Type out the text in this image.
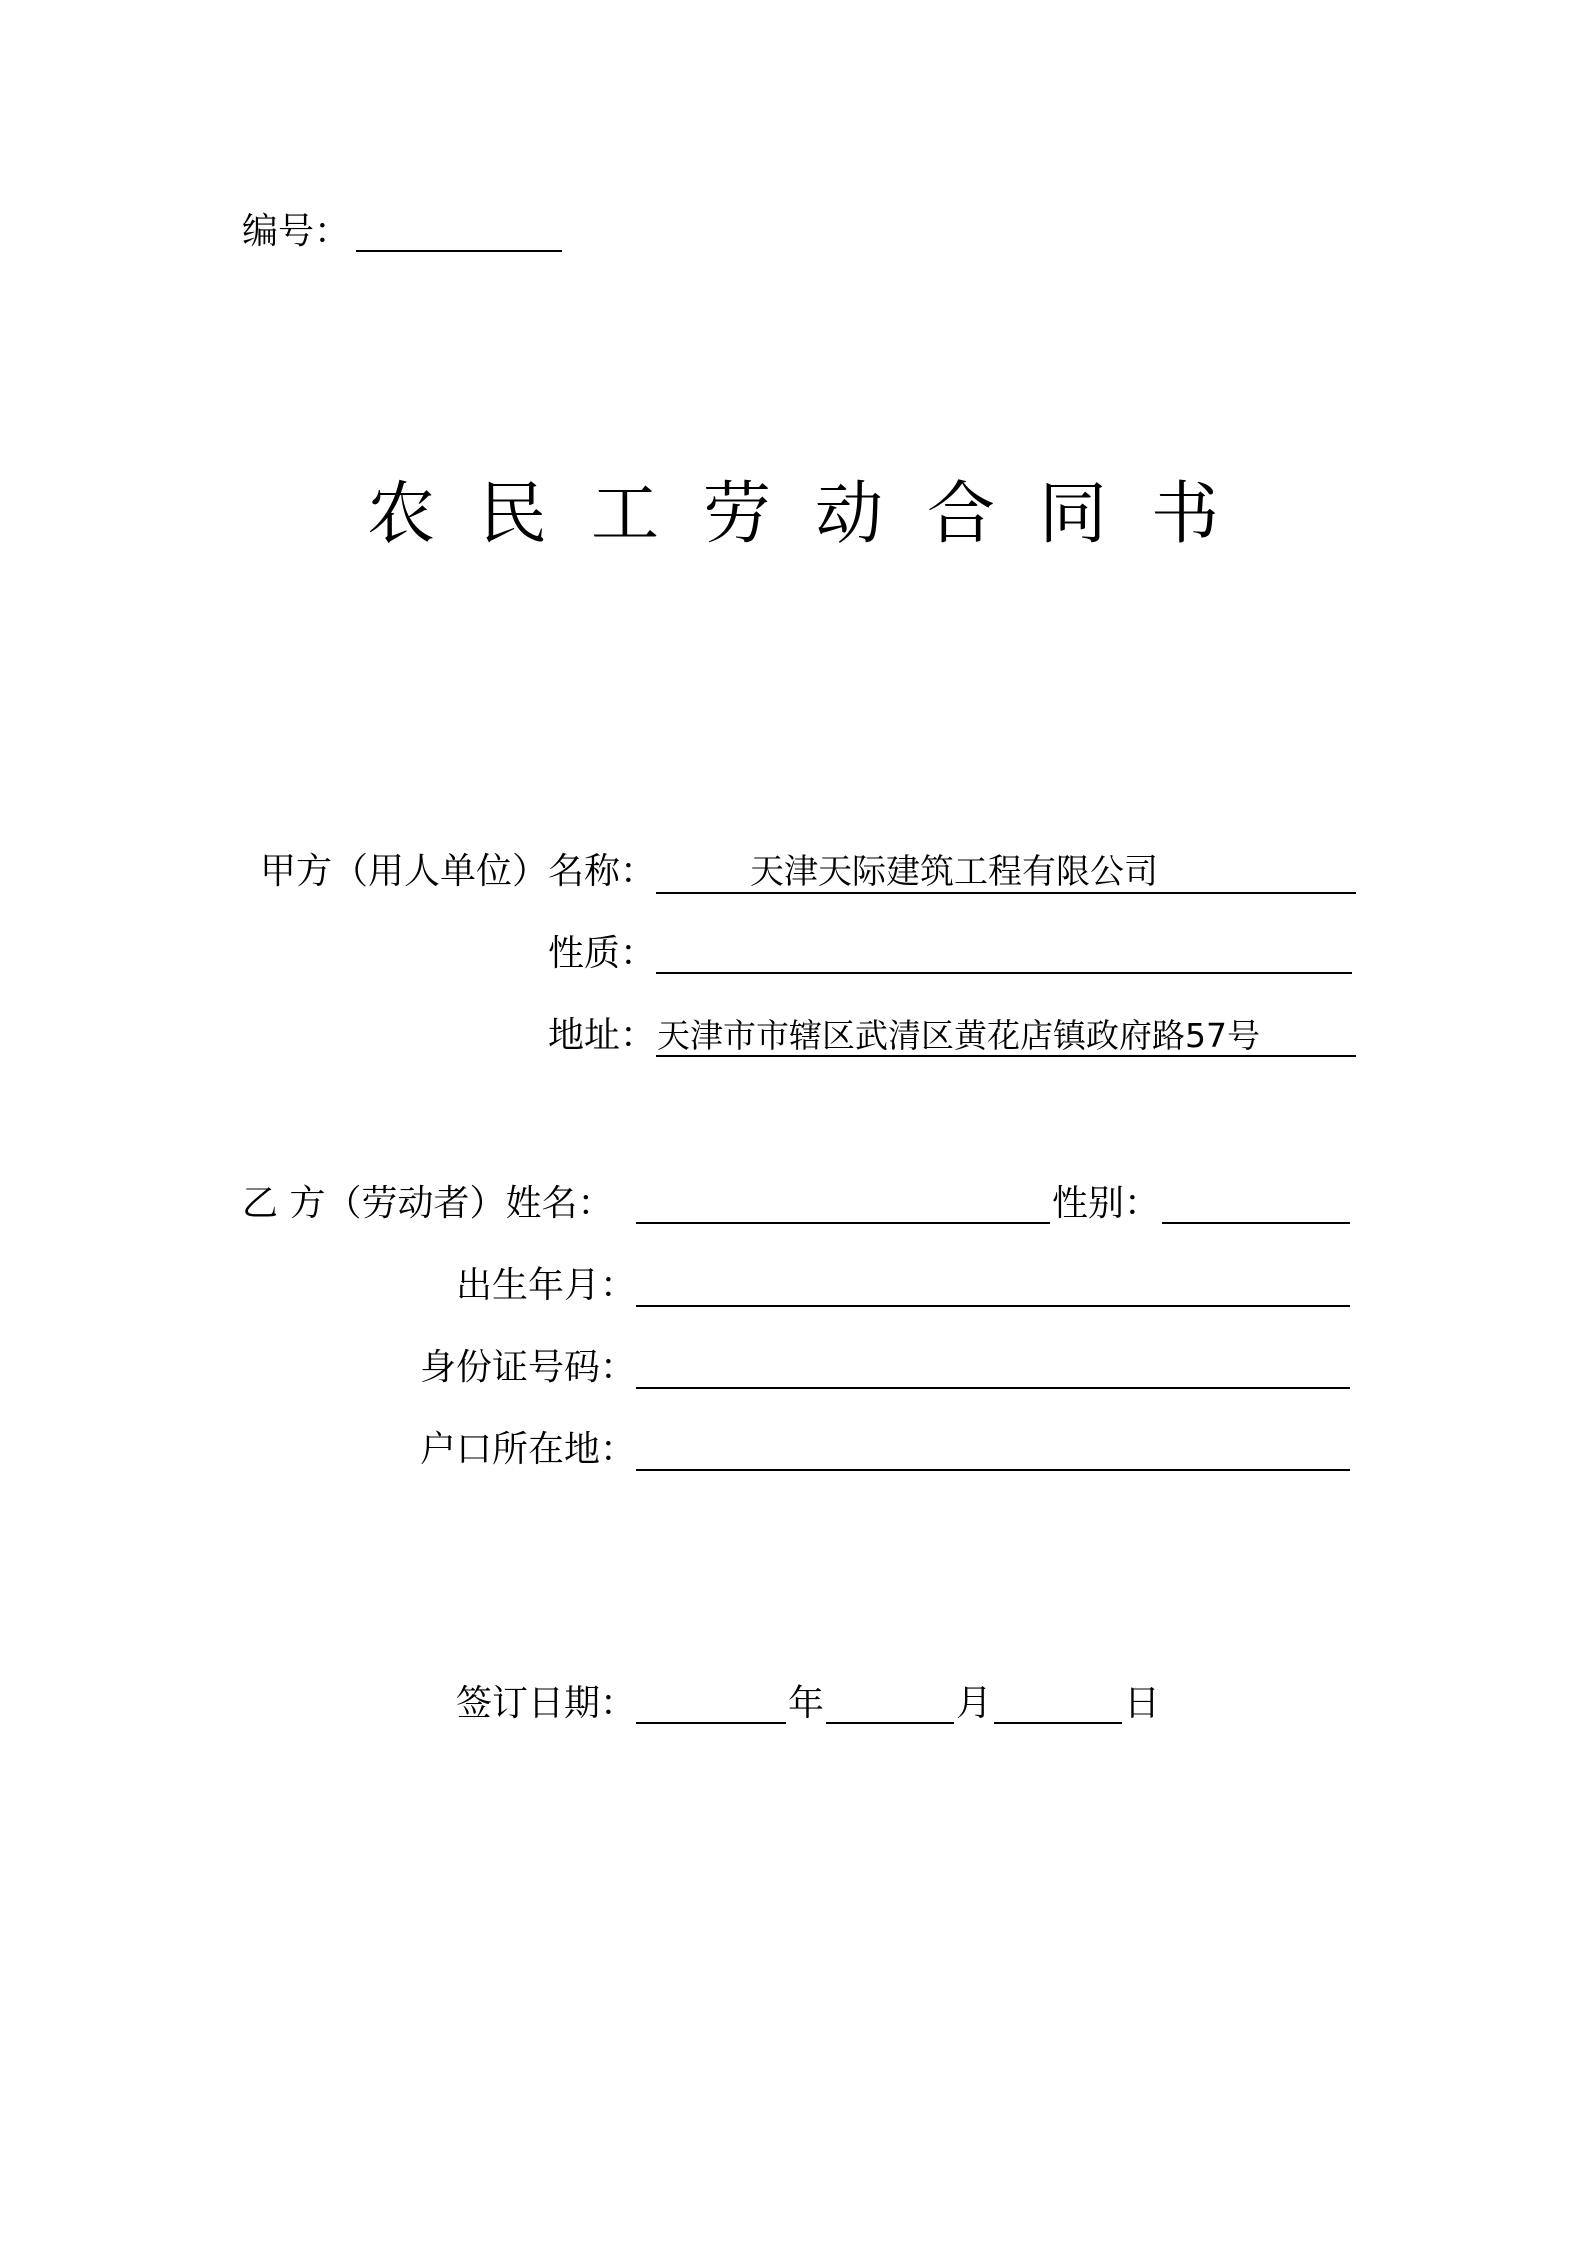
编号：
农民工劳动合同书
甲方（用人单位）名称：	天津天际建筑工程有限公司
性质：
地址： 天津市市辖区武清区黄花店镇政府路57号
乙 方（劳动者）姓名：	性别：
出生年月：
身份证号码：
户口所在地：
签订日期：	年	月	日
